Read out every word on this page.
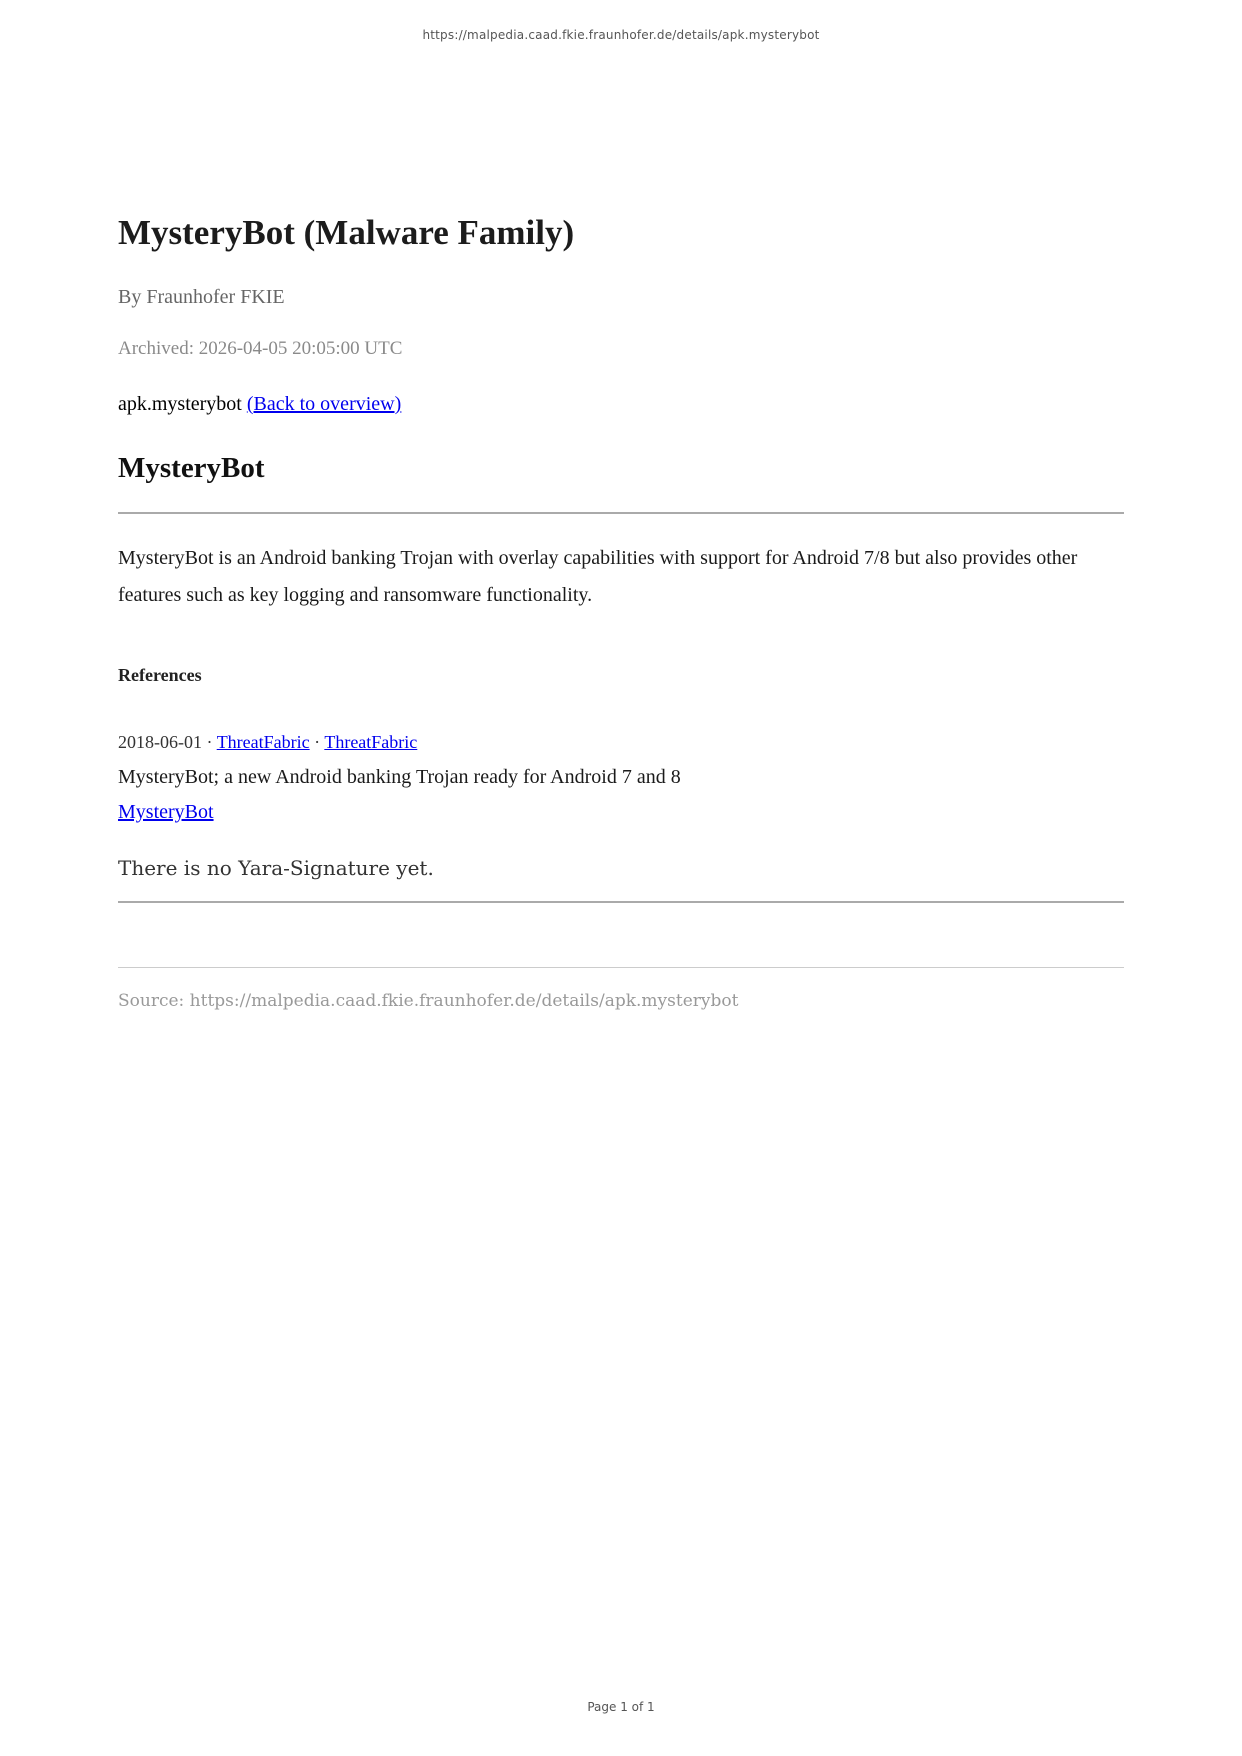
https://malpedia.caad.fkie.fraunhofer.de/details/apk.mysterybot
MysteryBot (Malware Family)
By Fraunhofer FKIE
Archived: 2026-04-05 20:05:00 UTC
apk.mysterybot (Back to overview)
MysteryBot

MysteryBot is an Android banking Trojan with overlay capabilities with support for Android 7/8 but also provides other features such as key logging and ransomware functionality.

References
2018-06-01 · ThreatFabric · ThreatFabric
MysteryBot; a new Android banking Trojan ready for Android 7 and 8
MysteryBot
There is no Yara-Signature yet.
Source: https://malpedia.caad.fkie.fraunhofer.de/details/apk.mysterybot
Page 1 of 1
